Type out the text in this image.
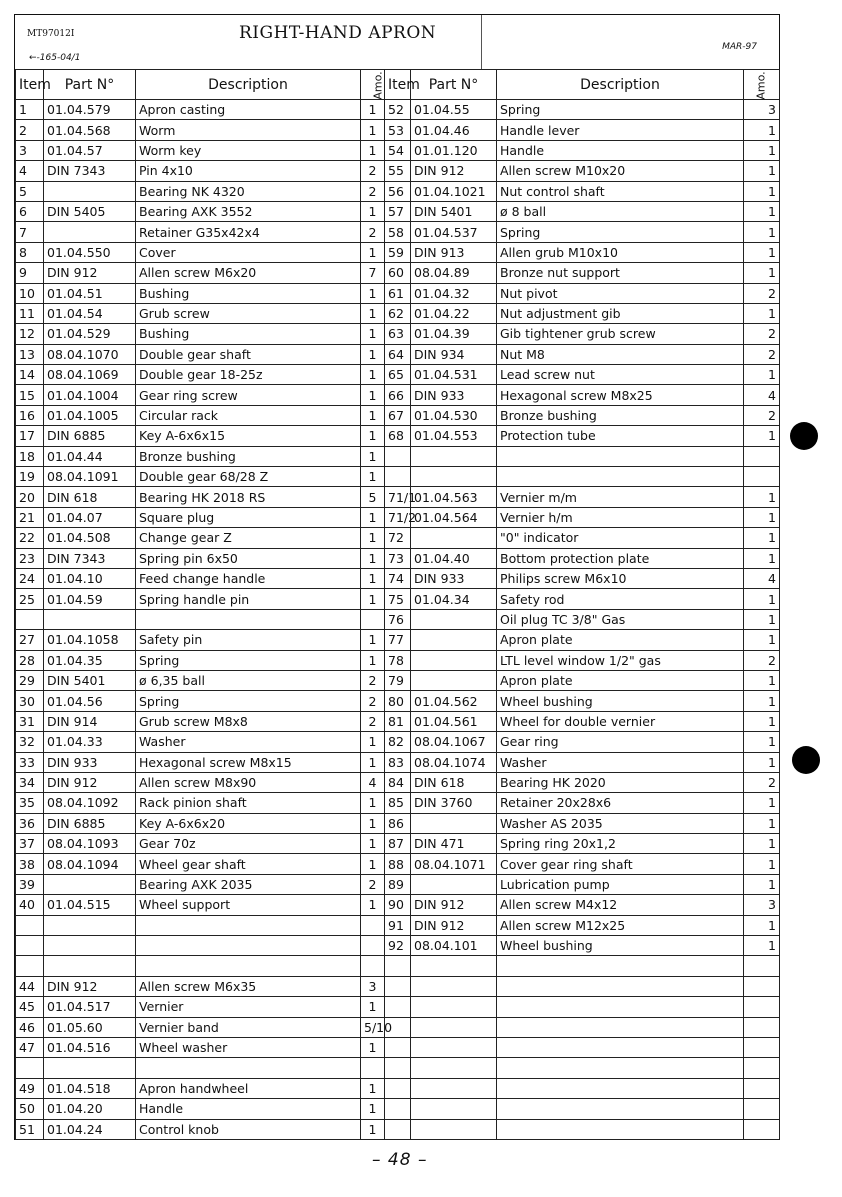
MT97012I	RIGHT-HAND APRON
←-165-04/1
MAR-97
Item	Part N°	Description	Amo.	Item	Part N°	Description	Amo.
1	01.04.579	Apron casting	1	52	01.04.55	Spring	3
2	01.04.568	Worm	1	53	01.04.46	Handle lever	1
3	01.04.57	Worm key	1	54	01.01.120	Handle	1
4	DIN 7343	Pin 4x10	2	55	DIN 912	Allen screw M10x20	1
5		Bearing NK 4320	2	56	01.04.1021	Nut control shaft	1
6	DIN 5405	Bearing AXK 3552	1	57	DIN 5401	ø 8 ball	1
7		Retainer G35x42x4	2	58	01.04.537	Spring	1
8	01.04.550	Cover	1	59	DIN 913	Allen grub M10x10	1
9	DIN 912	Allen screw M6x20	7	60	08.04.89	Bronze nut support	1
10	01.04.51	Bushing	1	61	01.04.32	Nut pivot	2
11	01.04.54	Grub screw	1	62	01.04.22	Nut adjustment gib	1
12	01.04.529	Bushing	1	63	01.04.39	Gib tightener grub screw	2
13	08.04.1070	Double gear shaft	1	64	DIN 934	Nut M8	2
14	08.04.1069	Double gear 18-25z	1	65	01.04.531	Lead screw nut	1
15	01.04.1004	Gear ring screw	1	66	DIN 933	Hexagonal screw M8x25	4
16	01.04.1005	Circular rack	1	67	01.04.530	Bronze bushing	2
17	DIN 6885	Key A-6x6x15	1	68	01.04.553	Protection tube	1
18	01.04.44	Bronze bushing	1				
19	08.04.1091	Double gear 68/28 Z	1				
20	DIN 618	Bearing HK 2018 RS	5	71/1	01.04.563	Vernier m/m	1
21	01.04.07	Square plug	1	71/2	01.04.564	Vernier h/m	1
22	01.04.508	Change gear Z	1	72		"0" indicator	1
23	DIN 7343	Spring pin 6x50	1	73	01.04.40	Bottom protection plate	1
24	01.04.10	Feed change handle	1	74	DIN 933	Philips screw M6x10	4
25	01.04.59	Spring handle pin	1	75	01.04.34	Safety rod	1
				76		Oil plug TC 3/8" Gas	1
27	01.04.1058	Safety pin	1	77		Apron plate	1
28	01.04.35	Spring	1	78		LTL level window 1/2" gas	2
29	DIN 5401	ø 6,35 ball	2	79		Apron plate	1
30	01.04.56	Spring	2	80	01.04.562	Wheel bushing	1
31	DIN 914	Grub screw M8x8	2	81	01.04.561	Wheel for double vernier	1
32	01.04.33	Washer	1	82	08.04.1067	Gear ring	1
33	DIN 933	Hexagonal screw M8x15	1	83	08.04.1074	Washer	1
34	DIN 912	Allen screw M8x90	4	84	DIN 618	Bearing HK 2020	2
35	08.04.1092	Rack pinion shaft	1	85	DIN 3760	Retainer 20x28x6	1
36	DIN 6885	Key A-6x6x20	1	86		Washer AS 2035	1
37	08.04.1093	Gear 70z	1	87	DIN 471	Spring ring 20x1,2	1
38	08.04.1094	Wheel gear shaft	1	88	08.04.1071	Cover gear ring shaft	1
39		Bearing AXK 2035	2	89		Lubrication pump	1
40	01.04.515	Wheel support	1	90	DIN 912	Allen screw M4x12	3
				91	DIN 912	Allen screw M12x25	1
				92	08.04.101	Wheel bushing	1

44	DIN 912	Allen screw M6x35	3				
45	01.04.517	Vernier	1				
46	01.05.60	Vernier band	5/10				
47	01.04.516	Wheel washer	1				

49	01.04.518	Apron handwheel	1				
50	01.04.20	Handle	1				
51	01.04.24	Control knob	1				
– 48 –
